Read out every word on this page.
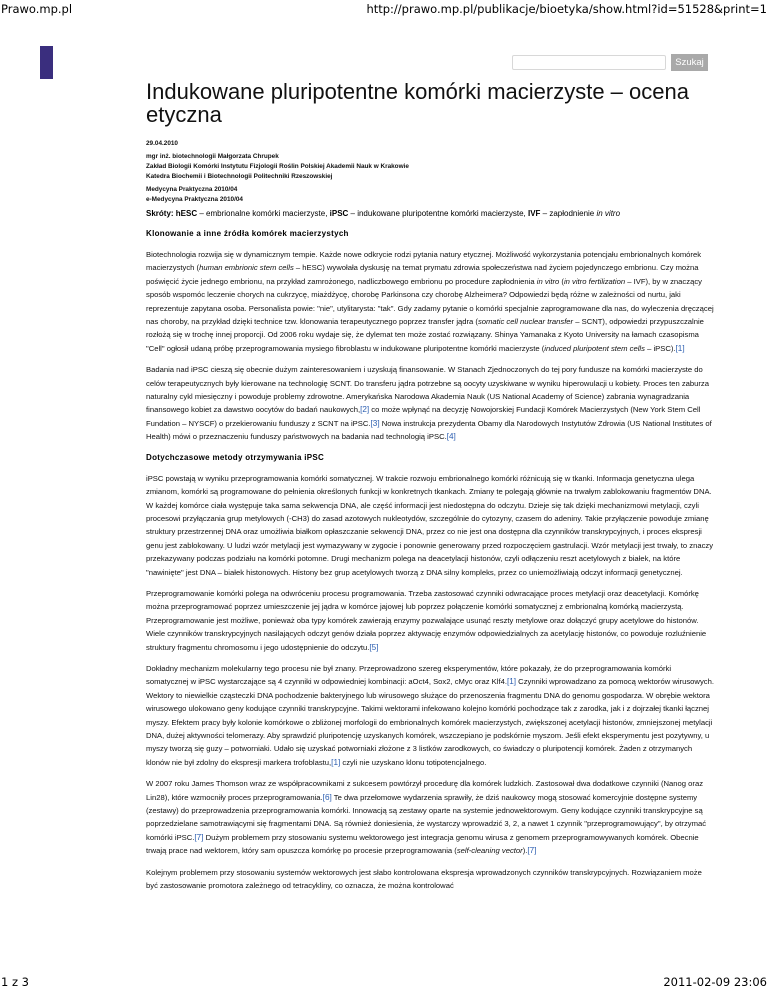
Prawo.mp.pl	http://prawo.mp.pl/publikacje/bioetyka/show.html?id=51528&print=1
Szukaj
Indukowane pluripotentne komórki macierzyste – ocena etyczna
29.04.2010
mgr inż. biotechnologii Małgorzata Chrupek
Zakład Biologii Komórki Instytutu Fizjologii Roślin Polskiej Akademii Nauk w Krakowie
Katedra Biochemii i Biotechnologii Politechniki Rzeszowskiej
Medycyna Praktyczna 2010/04
e-Medycyna Praktyczna 2010/04
Skróty: hESC – embrionalne komórki macierzyste, iPSC – indukowane pluripotentne komórki macierzyste, IVF – zapłodnienie in vitro
Klonowanie a inne źródła komórek macierzystych

Biotechnologia rozwija się w dynamicznym tempie. Każde nowe odkrycie rodzi pytania natury etycznej. Możliwość wykorzystania potencjału embrionalnych komórek macierzystych (human embrionic stem cells – hESC) wywołała dyskusję na temat prymatu zdrowia społeczeństwa nad życiem pojedynczego embrionu. Czy można poświęcić życie jednego embrionu, na przykład zamrożonego, nadliczbowego embrionu po procedure zapłodnienia in vitro (in vitro fertilization – IVF), by w znaczący sposób wspomóc leczenie chorych na cukrzycę, miażdżycę, chorobę Parkinsona czy chorobę Alzheimera? Odpowiedzi będą różne w zależności od nurtu, jaki reprezentuje zapytana osoba. Personalista powie: "nie", utylitarysta: "tak". Gdy zadamy pytanie o komórki specjalnie zaprogramowane dla nas, do wyleczenia dręczącej nas choroby, na przykład dzięki technice tzw. klonowania terapeutycznego poprzez transfer jądra (somatic cell nuclear transfer – SCNT), odpowiedzi przypuszczalnie rozłożą się w trochę innej proporcji. Od 2006 roku wydaje się, że dylemat ten może zostać rozwiązany. Shinya Yamanaka z Kyoto University na łamach czasopisma "Cell" ogłosił udaną próbę przeprogramowania mysiego fibroblastu w indukowane pluripotentne komórki macierzyste (induced pluripotent stem cells – iPSC).[1]

Badania nad iPSC cieszą się obecnie dużym zainteresowaniem i uzyskują finansowanie. W Stanach Zjednoczonych do tej pory fundusze na komórki macierzyste do celów terapeutycznych były kierowane na technologię SCNT. Do transferu jądra potrzebne są oocyty uzyskiwane w wyniku hiperowulacji u kobiety. Proces ten zaburza naturalny cykl miesięczny i powoduje problemy zdrowotne. Amerykańska Narodowa Akademia Nauk (US National Academy of Science) zabrania wynagradzania finansowego kobiet za dawstwo oocytów do badań naukowych,[2] co może wpłynąć na decyzję Nowojorskiej Fundacji Komórek Macierzystych (New York Stem Cell Fundation – NYSCF) o przekierowaniu funduszy z SCNT na iPSC.[3] Nowa instrukcja prezydenta Obamy dla Narodowych Instytutów Zdrowia (US National Institutes of Health) mówi o przeznaczeniu funduszy państwowych na badania nad technologią iPSC.[4]

Dotychczasowe metody otrzymywania iPSC

iPSC powstają w wyniku przeprogramowania komórki somatycznej. W trakcie rozwoju embrionalnego komórki różnicują się w tkanki. Informacja genetyczna ulega zmianom, komórki są programowane do pełnienia określonych funkcji w konkretnych tkankach. Zmiany te polegają głównie na trwałym zablokowaniu fragmentów DNA. W każdej komórce ciała występuje taka sama sekwencja DNA, ale część informacji jest niedostępna do odczytu. Dzieje się tak dzięki mechanizmowi metylacji, czyli procesowi przyłączania grup metylowych (-CH3) do zasad azotowych nukleotydów, szczególnie do cytozyny, czasem do adeniny. Takie przyłączenie powoduje zmianę struktury przestrzennej DNA oraz umożliwia białkom opłaszczanie sekwencji DNA, przez co nie jest ona dostępna dla czynników transkrypcyjnych, i proces ekspresji genu jest zablokowany. U ludzi wzór metylacji jest wymazywany w zygocie i ponownie generowany przed rozpoczęciem gastrulacji. Wzór metylacji jest trwały, to znaczy przekazywany podczas podziału na komórki potomne. Drugi mechanizm polega na deacetylacji histonów, czyli odłączeniu reszt acetylowych z białek, na które "nawinięte" jest DNA – białek histonowych. Histony bez grup acetylowych tworzą z DNA silny kompleks, przez co uniemożliwiają odczyt informacji genetycznej.

Przeprogramowanie komórki polega na odwróceniu procesu programowania. Trzeba zastosować czynniki odwracające proces metylacji oraz deacetylacji. Komórkę można przeprogramować poprzez umieszczenie jej jądra w komórce jajowej lub poprzez połączenie komórki somatycznej z embrionalną komórką macierzystą. Przeprogramowanie jest możliwe, ponieważ oba typy komórek zawierają enzymy pozwalające usunąć reszty metylowe oraz dołączyć grupy acetylowe do histonów. Wiele czynników transkrypcyjnych nasilających odczyt genów działa poprzez aktywację enzymów odpowiedzialnych za acetylację histonów, co powoduje rozluźnienie struktury fragmentu chromosomu i jego udostępnienie do odczytu.[5]

Dokładny mechanizm molekularny tego procesu nie był znany. Przeprowadzono szereg eksperymentów, które pokazały, że do przeprogramowania komórki somatycznej w iPSC wystarczające są 4 czynniki w odpowiedniej kombinacji: aOct4, Sox2, cMyc oraz Klf4.[1] Czynniki wprowadzano za pomocą wektorów wirusowych. Wektory to niewielkie cząsteczki DNA pochodzenie bakteryjnego lub wirusowego służące do przenoszenia fragmentu DNA do genomu gospodarza. W obrębie wektora wirusowego ulokowano geny kodujące czynniki transkrypcyjne. Takimi wektorami infekowano kolejno komórki pochodzące tak z zarodka, jak i z dojrzałej tkanki łącznej myszy. Efektem pracy były kolonie komórkowe o zbliżonej morfologii do embrionalnych komórek macierzystych, zwiększonej acetylacji histonów, zmniejszonej metylacji DNA, dużej aktywności telomerazy. Aby sprawdzić pluripotencję uzyskanych komórek, wszczepiano je podskórnie myszom. Jeśli efekt eksperymentu jest pozytywny, u myszy tworzą się guzy – potworniaki. Udało się uzyskać potworniaki złożone z 3 listków zarodkowych, co świadczy o pluripotencji komórek. Żaden z otrzymanych klonów nie był zdolny do ekspresji markera trofoblastu,[1] czyli nie uzyskano klonu totipotencjalnego.

W 2007 roku James Thomson wraz ze współpracownikami z sukcesem powtórzył procedurę dla komórek ludzkich. Zastosował dwa dodatkowe czynniki (Nanog oraz Lin28), które wzmocniły proces przeprogramowania.[6] Te dwa przełomowe wydarzenia sprawiły, że dziś naukowcy mogą stosować komercyjnie dostępne systemy (zestawy) do przeprowadzenia przeprogramowania komórki. Innowacją są zestawy oparte na systemie jednowektorowym. Geny kodujące czynniki transkrypcyjne są poprzedzielane samotrawiącymi się fragmentami DNA. Są również doniesienia, że wystarczy wprowadzić 3, 2, a nawet 1 czynnik "przeprogramowujący", by otrzymać komórki iPSC.[7] Dużym problemem przy stosowaniu systemu wektorowego jest integracja genomu wirusa z genomem przeprogramowywanych komórek. Obecnie trwają prace nad wektorem, który sam opuszcza komórkę po procesie przeprogramowania (self-cleaning vector).[7]

Kolejnym problemem przy stosowaniu systemów wektorowych jest słabo kontrolowana ekspresja wprowadzonych czynników transkrypcyjnych. Rozwiązaniem może być zastosowanie promotora zależnego od tetracykliny, co oznacza, że można kontrolować

1 z 3	2011-02-09 23:06
